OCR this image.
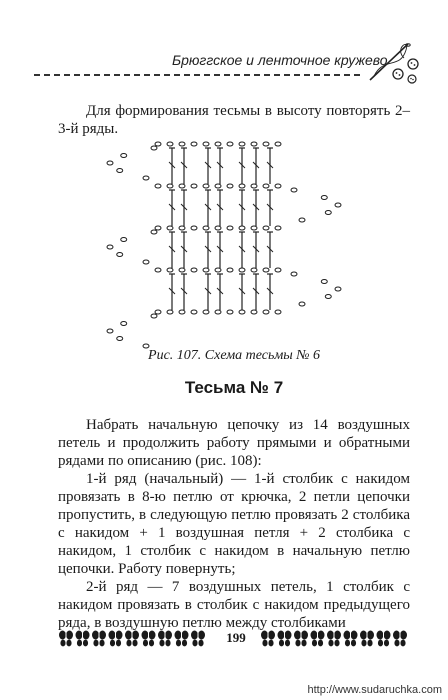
Брюггское и ленточное кружево

Для формирования тесьмы в высоту повторять 2–3-й ряды.

Рис. 107. Схема тесьмы № 6
Тесьма № 7

Набрать начальную цепочку из 14 воздушных петель и продолжить работу прямыми и обратными рядами по описанию (рис. 108):

1-й ряд (начальный) — 1-й столбик с накидом провязать в 8-ю петлю от крючка, 2 петли цепочки пропустить, в следующую петлю провязать 2 столбика с накидом + 1 воздушная петля + 2 столбика с накидом, 1 столбик с накидом в начальную петлю цепочки. Работу повернуть;

2-й ряд — 7 воздушных петель, 1 столбик с накидом провязать в столбик с накидом предыдущего ряда, в воздушную петлю между столбиками

199
http://www.sudaruchka.com
